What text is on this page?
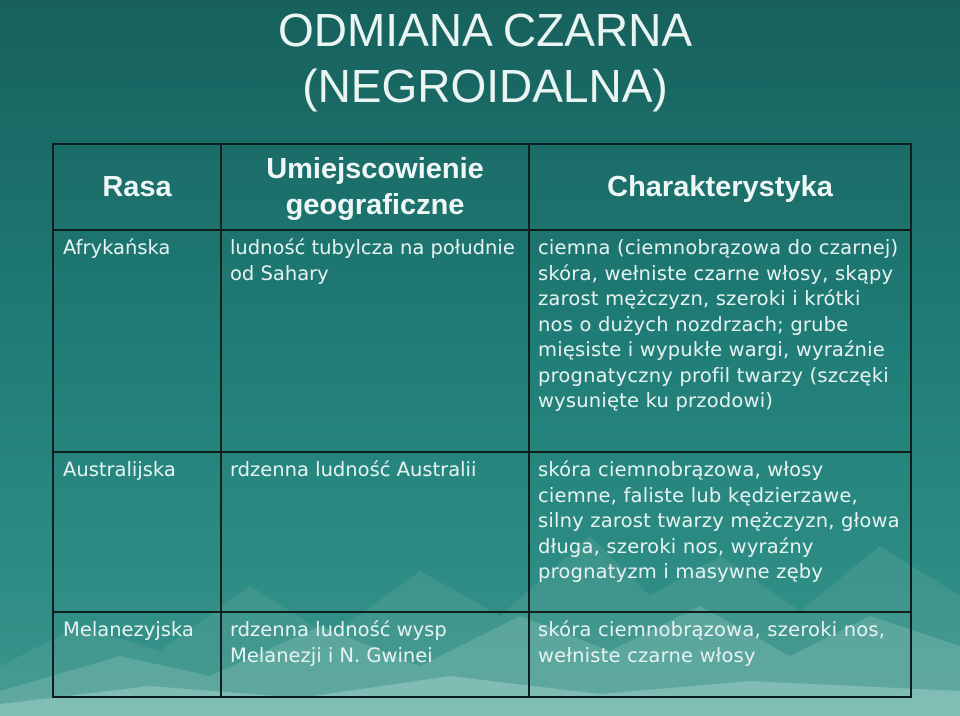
ODMIANA CZARNA
(NEGROIDALNA)
Rasa	Umiejscowienie geograficzne	Charakterystyka
Afrykańska	ludność tubylcza na południe od Sahary	ciemna (ciemnobrązowa do czarnej) skóra, wełniste czarne włosy, skąpy zarost mężczyzn, szeroki i krótki nos o dużych nozdrzach; grube mięsiste i wypukłe wargi, wyraźnie prognatyczny profil twarzy (szczęki wysunięte ku przodowi)
Australijska	rdzenna ludność Australii	skóra ciemnobrązowa, włosy ciemne, faliste lub kędzierzawe, silny zarost twarzy mężczyzn, głowa długa, szeroki nos, wyraźny prognatyzm i masywne zęby
Melanezyjska	rdzenna ludność wysp Melanezji i N. Gwinei	skóra ciemnobrązowa, szeroki nos, wełniste czarne włosy
